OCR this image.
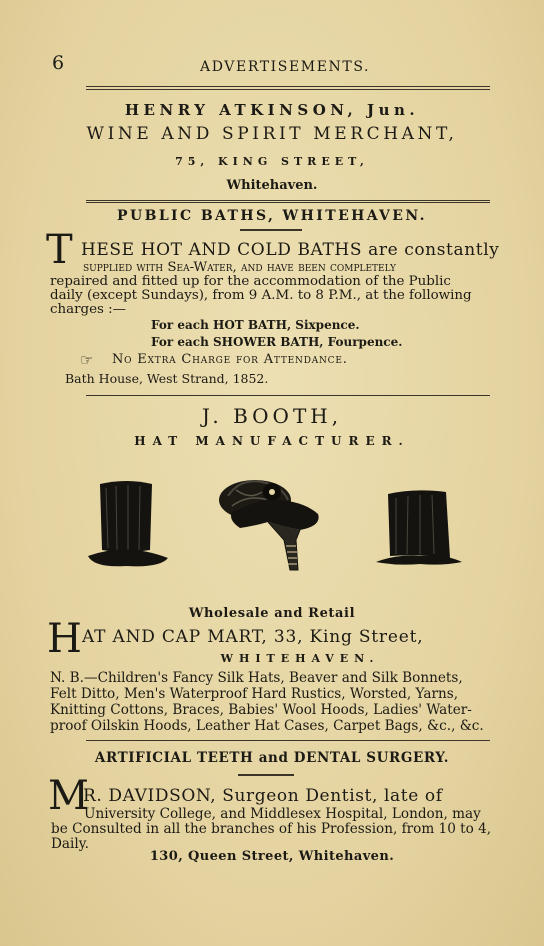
6	ADVERTISEMENTS.
HENRY ATKINSON, Jun.
WINE AND SPIRIT MERCHANT,
75, KING STREET,
Whitehaven.
PUBLIC BATHS, WHITEHAVEN.
T HESE HOT AND COLD BATHS are constantly
supplied with Sea-Water, and have been completely
repaired and fitted up for the accommodation of the Public
daily (except Sundays), from 9 A.M. to 8 P.M., at the following
charges :—
For each HOT BATH, Sixpence.
For each SHOWER BATH, Fourpence.
☞ No Extra Charge for Attendance.
Bath House, West Strand, 1852.
J. BOOTH,
HAT MANUFACTURER.
Wholesale and Retail
H AT AND CAP MART, 33, King Street,
WHITEHAVEN.
N. B.—Children's Fancy Silk Hats, Beaver and Silk Bonnets,
Felt Ditto, Men's Waterproof Hard Rustics, Worsted, Yarns,
Knitting Cottons, Braces, Babies' Wool Hoods, Ladies' Water-
proof Oilskin Hoods, Leather Hat Cases, Carpet Bags, &c., &c.
ARTIFICIAL TEETH and DENTAL SURGERY.
M
R. DAVIDSON, Surgeon Dentist, late of
University College, and Middlesex Hospital, London, may
be Consulted in all the branches of his Profession, from 10 to 4,
Daily.
130, Queen Street, Whitehaven.
